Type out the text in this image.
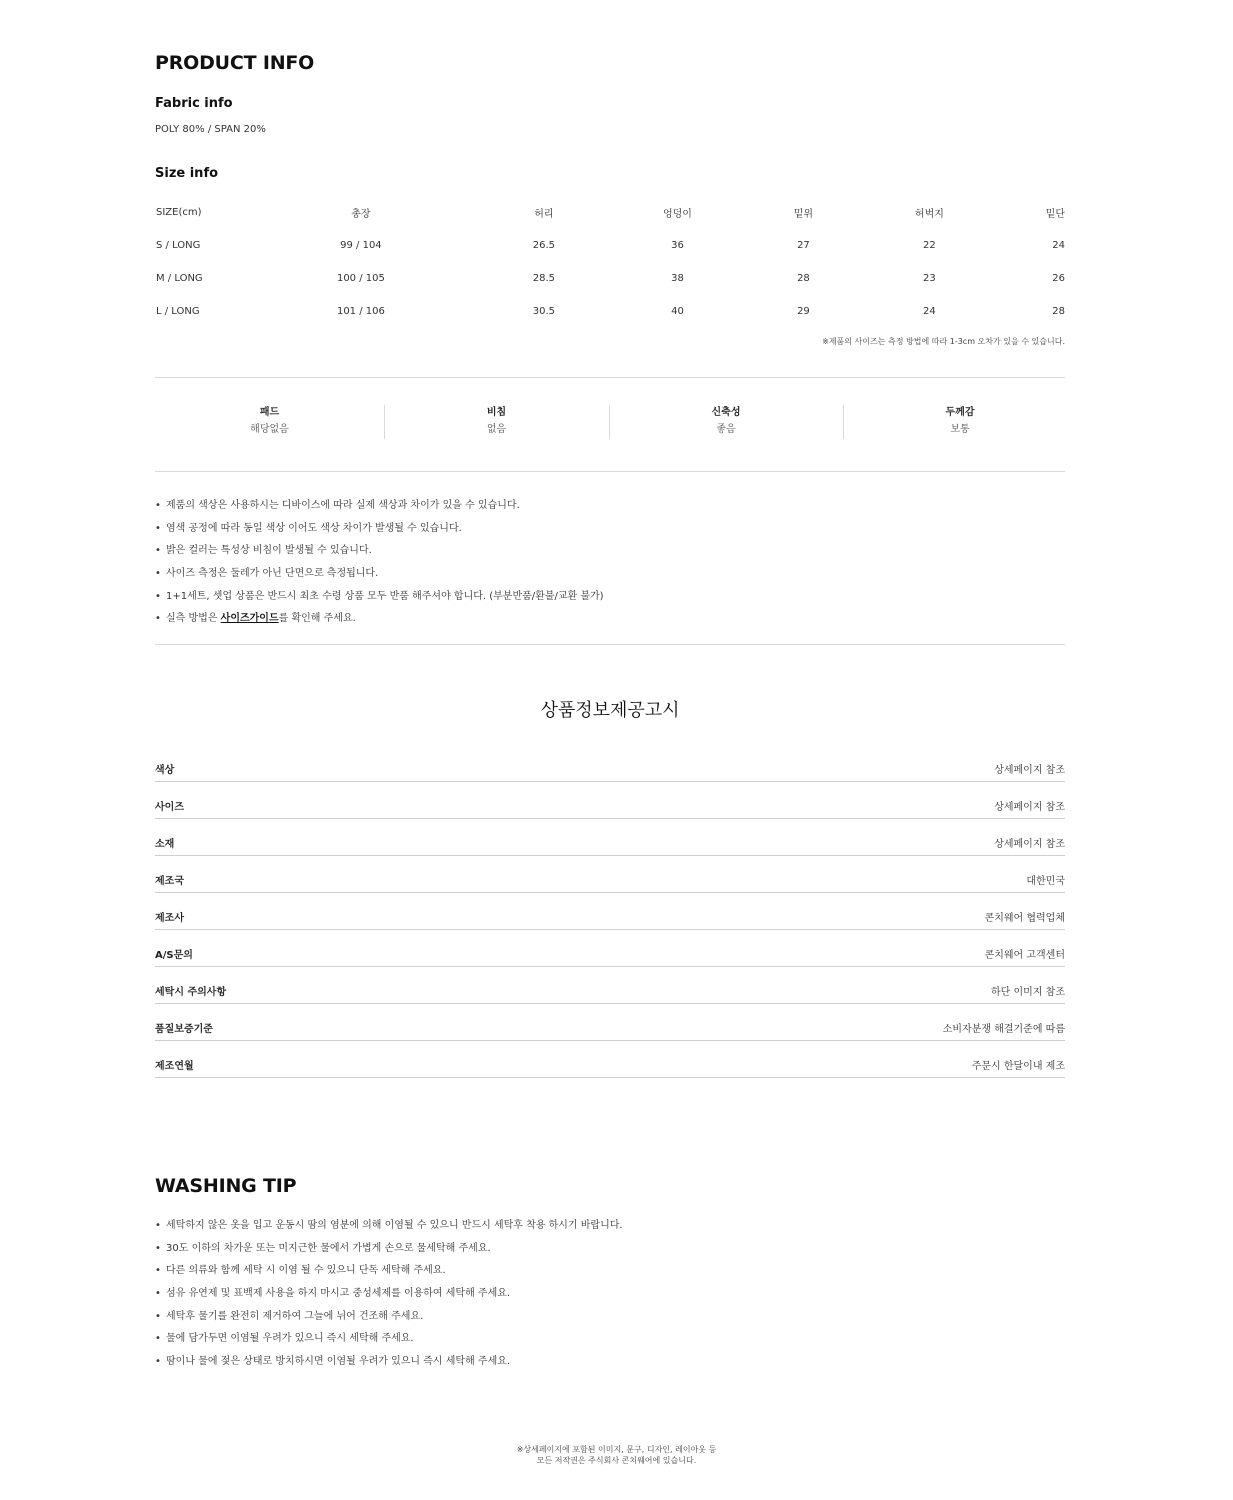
PRODUCT INFO
Fabric info
POLY 80% / SPAN 20%
Size info
SIZE(cm)	총장	허리	엉덩이	밑위	허벅지	밑단
S / LONG	99 / 104	26.5	36	27	22	24
M / LONG	100 / 105	28.5	38	28	23	26
L / LONG	101 / 106	30.5	40	29	24	28
※제품의 사이즈는 측정 방법에 따라 1-3cm 오차가 있을 수 있습니다.
패드
해당없음
비침
없음
신축성
좋음
두께감
보통
• 제품의 색상은 사용하시는 디바이스에 따라 실제 색상과 차이가 있을 수 있습니다.
• 염색 공정에 따라 동일 색상 이어도 색상 차이가 발생될 수 있습니다.
• 밝은 컬러는 특성상 비침이 발생될 수 있습니다.
• 사이즈 측정은 둘레가 아닌 단면으로 측정됩니다.
• 1+1세트, 셋업 상품은 반드시 최초 수령 상품 모두 반품 해주셔야 합니다. (부분반품/환불/교환 불가)
• 실측 방법은 사이즈가이드를 확인해 주세요.
상품정보제공고시
색상	상세페이지 참조
사이즈	상세페이지 참조
소재	상세페이지 참조
제조국	대한민국
제조사	콘치웨어 협력업체
A/S문의	콘치웨어 고객센터
세탁시 주의사항	하단 이미지 참조
품질보증기준	소비자분쟁 해결기준에 따름
제조연월	주문시 한달이내 제조
WASHING TIP
• 세탁하지 않은 옷을 입고 운동시 땀의 염분에 의해 이염될 수 있으니 반드시 세탁후 착용 하시기 바랍니다.
• 30도 이하의 차가운 또는 미지근한 물에서 가볍게 손으로 물세탁해 주세요.
• 다른 의류와 함께 세탁 시 이염 될 수 있으니 단독 세탁해 주세요.
• 섬유 유연제 및 표백제 사용을 하지 마시고 중성세제를 이용하여 세탁해 주세요.
• 세탁후 물기를 완전히 제거하여 그늘에 뉘어 건조해 주세요.
• 물에 담가두면 이염될 우려가 있으니 즉시 세탁해 주세요.
• 땀이나 물에 젖은 상태로 방치하시면 이염될 우려가 있으니 즉시 세탁해 주세요.
※상세페이지에 포함된 이미지, 문구, 디자인, 레이아웃 등
모든 저작권은 주식회사 콘치웨어에 있습니다.
